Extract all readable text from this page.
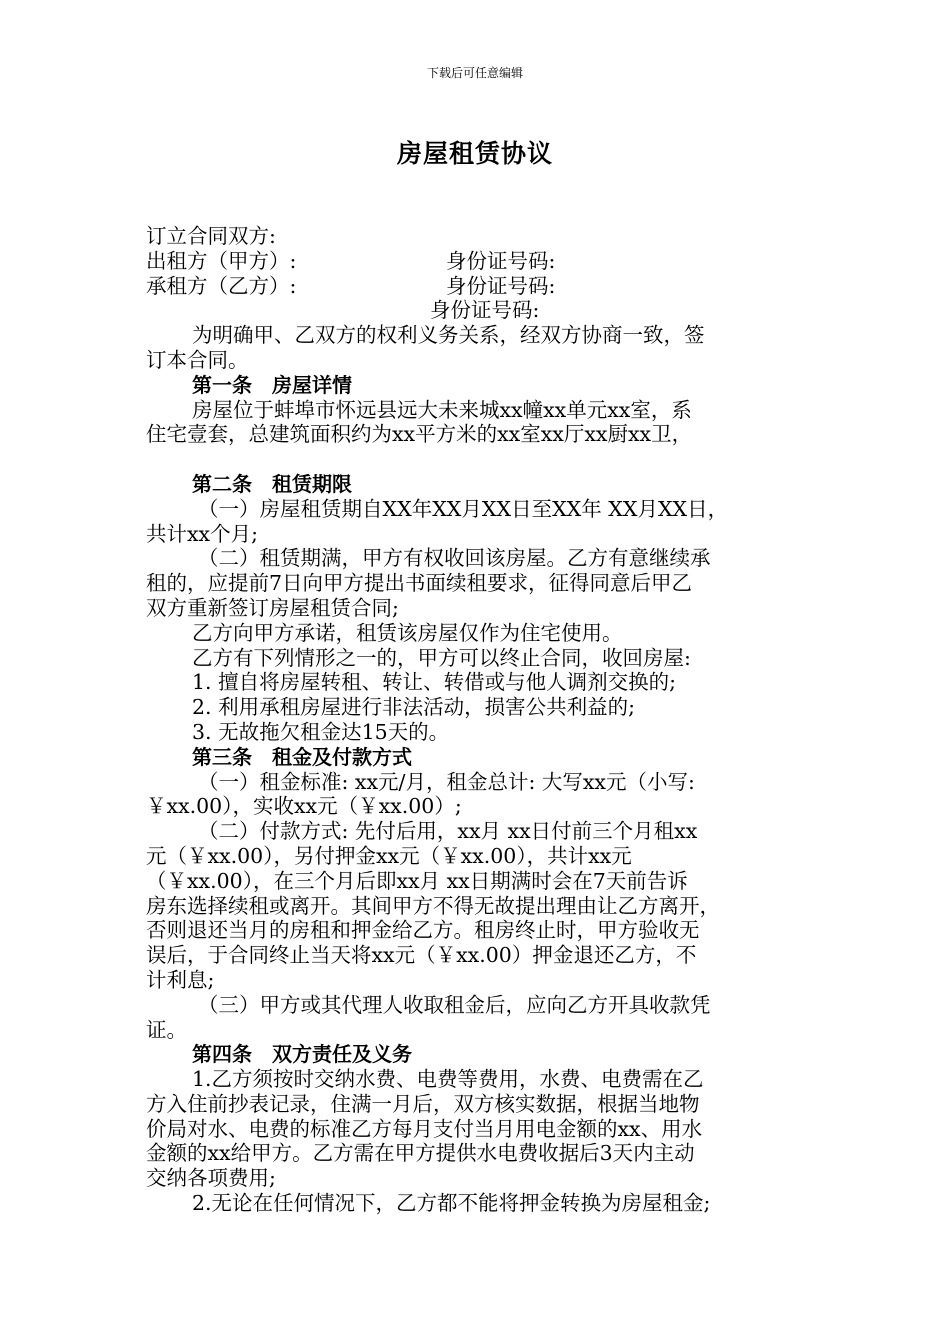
下载后可任意编辑
房屋租赁协议
订立合同双方:
出租方（甲方）:	身份证号码:
承租方（乙方）:	身份证号码:
身份证号码:
为明确甲、乙双方的权利义务关系，经双方协商一致，签
订本合同。
第一条　房屋详情
房屋位于蚌埠市怀远县远大未来城xx幢xx单元xx室，系
住宅壹套，总建筑面积约为xx平方米的xx室xx厅xx厨xx卫，
第二条　租赁期限
（一）房屋租赁期自XX年XX月XX日至XX年 XX月XX日，
共计xx个月;
（二）租赁期满，甲方有权收回该房屋。乙方有意继续承
租的，应提前7日向甲方提出书面续租要求，征得同意后甲乙
双方重新签订房屋租赁合同;
乙方向甲方承诺，租赁该房屋仅作为住宅使用。
乙方有下列情形之一的，甲方可以终止合同，收回房屋:
1. 擅自将房屋转租、转让、转借或与他人调剂交换的;
2. 利用承租房屋进行非法活动，损害公共利益的;
3. 无故拖欠租金达15天的。
第三条　租金及付款方式
（一）租金标准: xx元/月，租金总计: 大写xx元（小写:
￥xx.00），实收xx元（￥xx.00）;
（二）付款方式: 先付后用，xx月 xx日付前三个月租xx
元（￥xx.00），另付押金xx元（￥xx.00），共计xx元
（￥xx.00），在三个月后即xx月 xx日期满时会在7天前告诉
房东选择续租或离开。其间甲方不得无故提出理由让乙方离开，
否则退还当月的房租和押金给乙方。租房终止时，甲方验收无
误后，于合同终止当天将xx元（￥xx.00）押金退还乙方，不
计利息;
（三）甲方或其代理人收取租金后，应向乙方开具收款凭
证。
第四条　双方责任及义务
1.乙方须按时交纳水费、电费等费用，水费、电费需在乙
方入住前抄表记录，住满一月后，双方核实数据，根据当地物
价局对水、电费的标准乙方每月支付当月用电金额的xx、用水
金额的xx给甲方。乙方需在甲方提供水电费收据后3天内主动
交纳各项费用;
2.无论在任何情况下，乙方都不能将押金转换为房屋租金;
